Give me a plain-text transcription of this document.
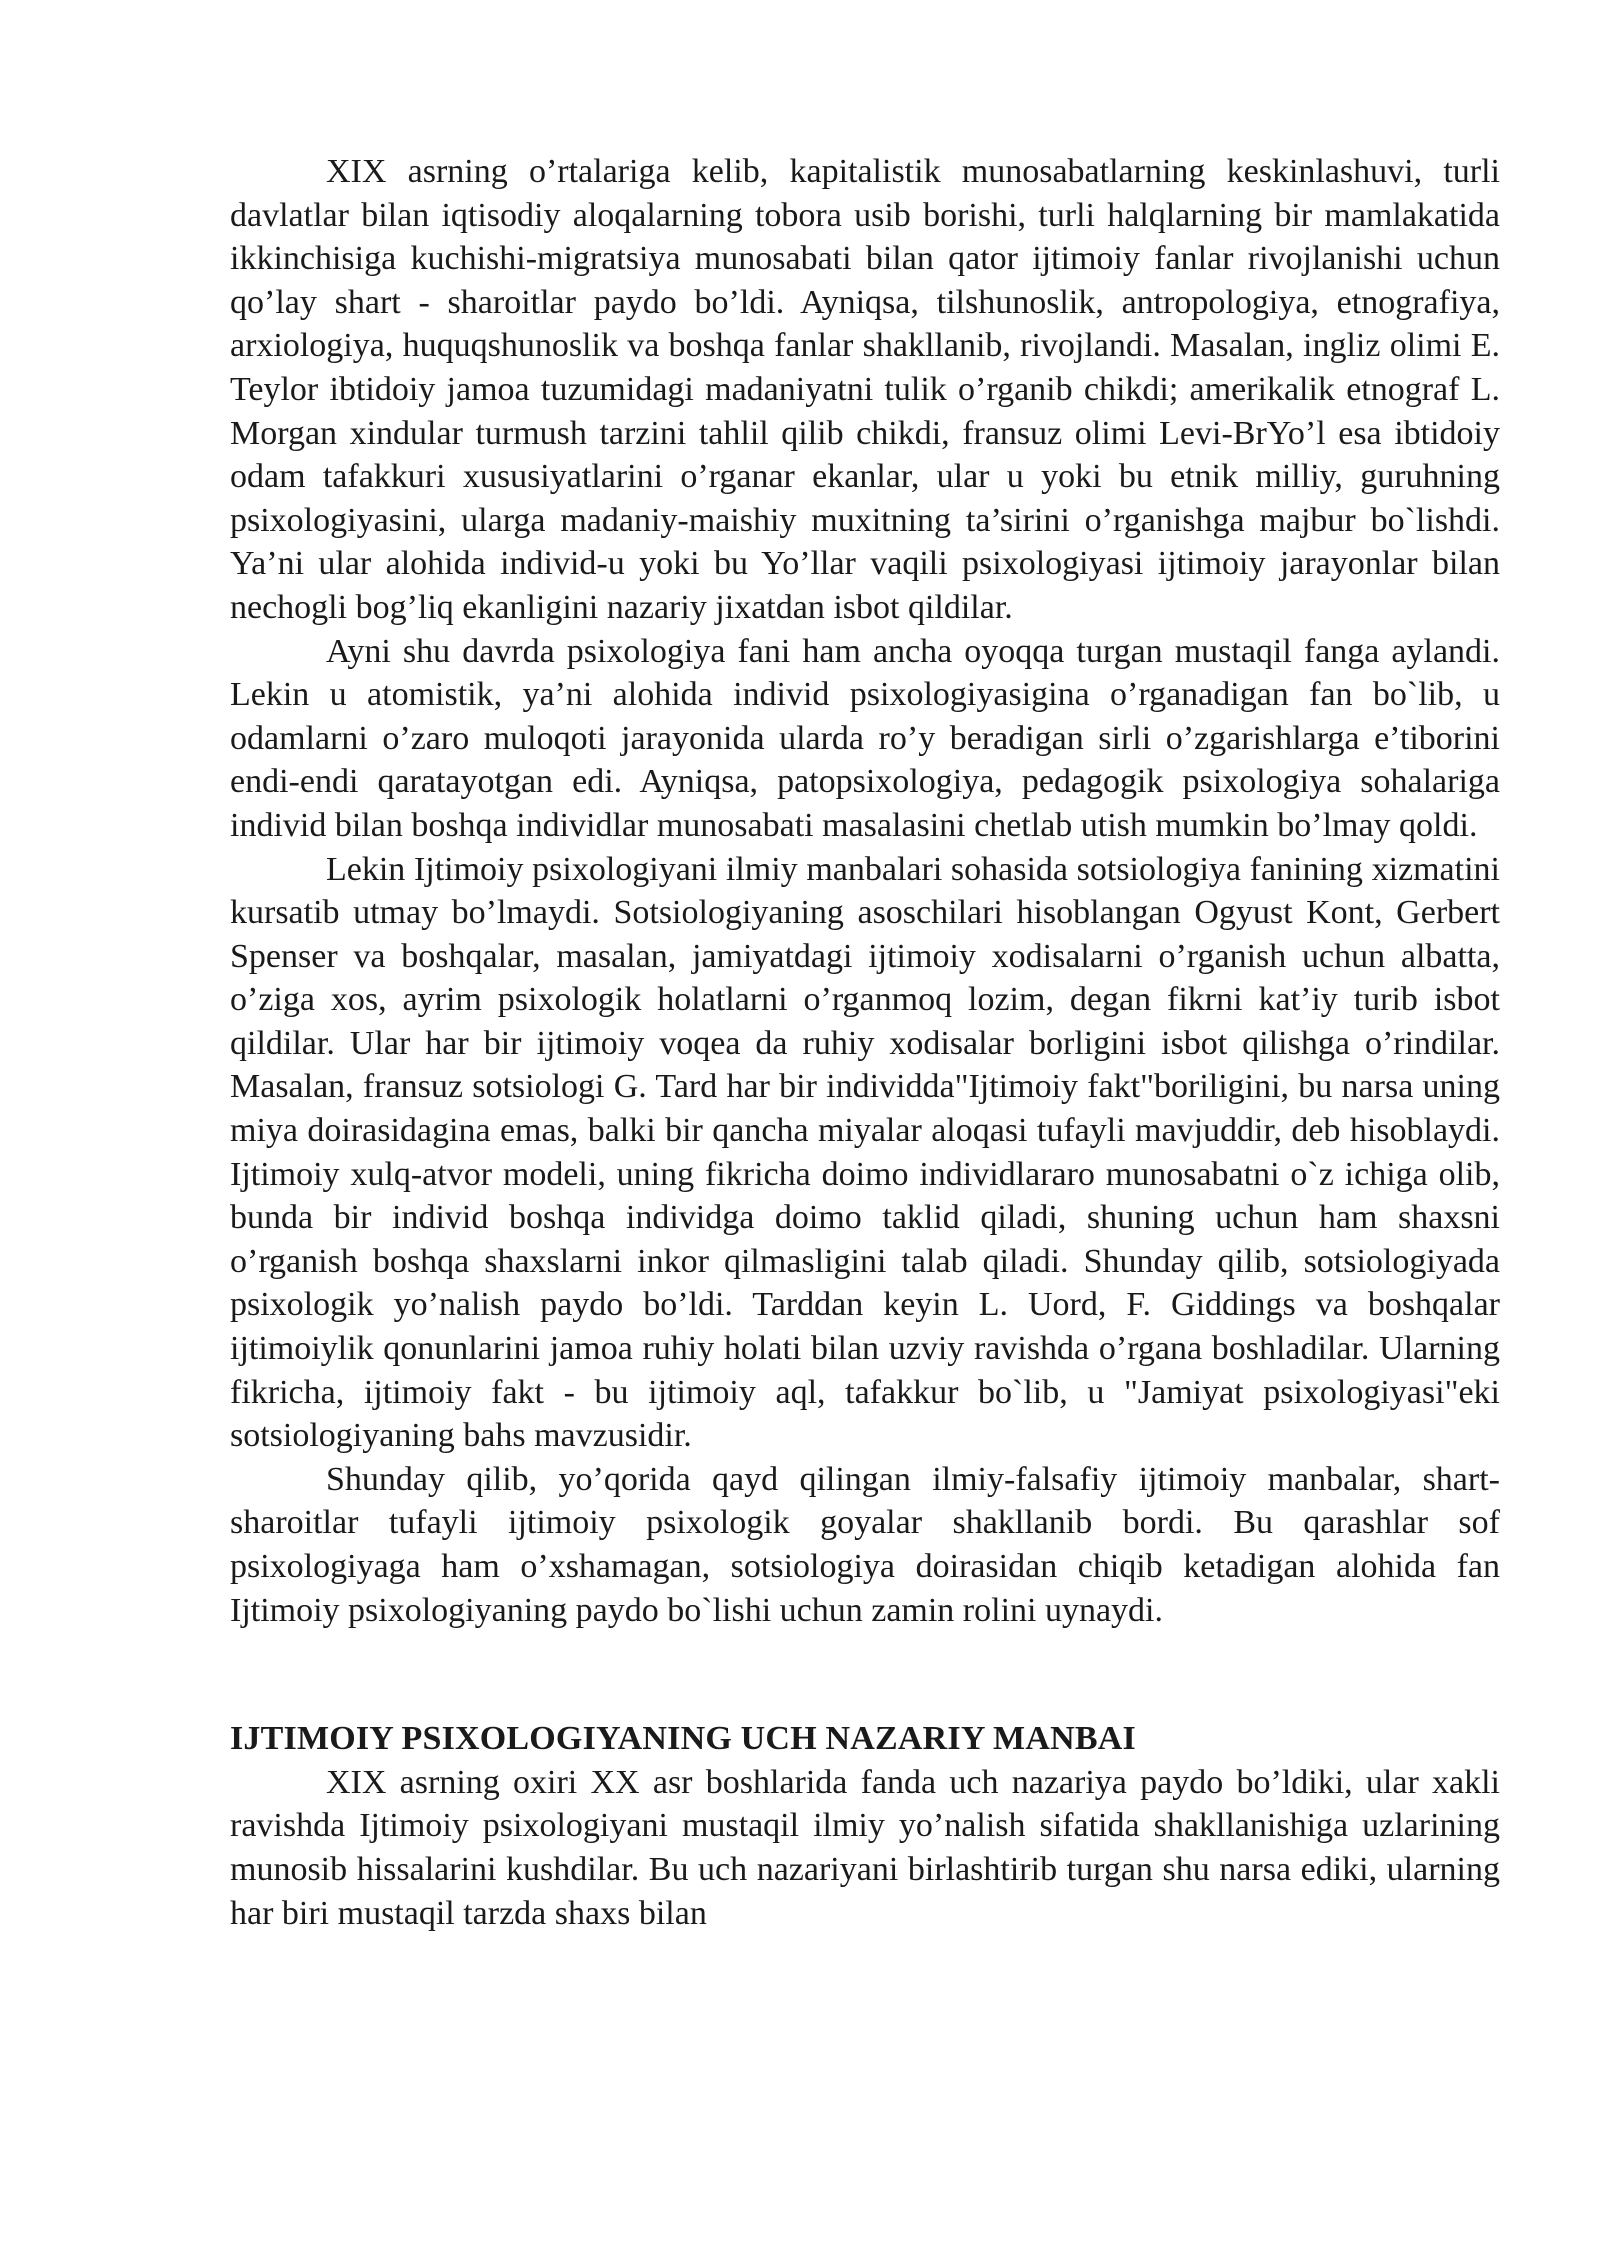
XIX asrning o’rtalariga kelib, kapitalistik munosabatlarning keskinlashuvi, turli davlatlar bilan iqtisodiy aloqalarning tobora usib borishi, turli halqlarning bir mamlakatida ikkinchisiga kuchishi-migratsiya munosabati bilan qator ijtimoiy fanlar rivojlanishi uchun qo’lay shart - sharoitlar paydo bo’ldi. Ayniqsa, tilshunoslik, antropologiya, etnografiya, arxiologiya, huquqshunoslik va boshqa fanlar shakllanib, rivojlandi. Masalan, ingliz olimi E. Teylor ibtidoiy jamoa tuzumidagi madaniyatni tulik o’rganib chikdi; amerikalik etnograf L. Morgan xindular turmush tarzini tahlil qilib chikdi, fransuz olimi Levi-BrYo’l esa ibtidoiy odam tafakkuri xususiyatlarini o’rganar ekanlar, ular u yoki bu etnik milliy, guruhning psixologiyasini, ularga madaniy-maishiy muxitning ta’sirini o’rganishga majbur bo`lishdi. Ya’ni ular alohida individ-u yoki bu Yo’llar vaqili psixologiyasi ijtimoiy jarayonlar bilan nechogli bog’liq ekanligini nazariy jixatdan isbot qildilar.

Ayni shu davrda psixologiya fani ham ancha oyoqqa turgan mustaqil fanga aylandi. Lekin u atomistik, ya’ni alohida individ psixologiyasigina o’rganadigan fan bo`lib, u odamlarni o’zaro muloqoti jarayonida ularda ro’y beradigan sirli o’zgarishlarga e’tiborini endi-endi qaratayotgan edi. Ayniqsa, patopsixologiya, pedagogik psixologiya sohalariga individ bilan boshqa individlar munosabati masalasini chetlab utish mumkin bo’lmay qoldi.

Lekin Ijtimoiy psixologiyani ilmiy manbalari sohasida sotsiologiya fanining xizmatini kursatib utmay bo’lmaydi. Sotsiologiyaning asoschilari hisoblangan Ogyust Kont, Gerbert Spenser va boshqalar, masalan, jamiyatdagi ijtimoiy xodisalarni o’rganish uchun albatta, o’ziga xos, ayrim psixologik holatlarni o’rganmoq lozim, degan fikrni kat’iy turib isbot qildilar. Ular har bir ijtimoiy voqea da ruhiy xodisalar borligini isbot qilishga o’rindilar. Masalan, fransuz sotsiologi G. Tard har bir individda"Ijtimoiy fakt"boriligini, bu narsa uning miya doirasidagina emas, balki bir qancha miyalar aloqasi tufayli mavjuddir, deb hisoblaydi. Ijtimoiy xulq-atvor modeli, uning fikricha doimo individlararo munosabatni o`z ichiga olib, bunda bir individ boshqa individga doimo taklid qiladi, shuning uchun ham shaxsni o’rganish boshqa shaxslarni inkor qilmasligini talab qiladi. Shunday qilib, sotsiologiyada psixologik yo’nalish paydo bo’ldi. Tarddan keyin L. Uord, F. Giddings va boshqalar ijtimoiylik qonunlarini jamoa ruhiy holati bilan uzviy ravishda o’rgana boshladilar. Ularning fikricha, ijtimoiy fakt - bu ijtimoiy aql, tafakkur bo`lib, u "Jamiyat psixologiyasi"eki sotsiologiyaning bahs mavzusidir.

Shunday qilib, yo’qorida qayd qilingan ilmiy-falsafiy ijtimoiy manbalar, shart-sharoitlar tufayli ijtimoiy psixologik goyalar shakllanib bordi. Bu qarashlar sof psixologiyaga ham o’xshamagan, sotsiologiya doirasidan chiqib ketadigan alohida fan Ijtimoiy psixologiyaning paydo bo`lishi uchun zamin rolini uynaydi.

IJTIMOIY PSIXOLOGIYANING UCH NAZARIY MANBAI

XIX asrning oxiri XX asr boshlarida fanda uch nazariya paydo bo’ldiki, ular xakli ravishda Ijtimoiy psixologiyani mustaqil ilmiy yo’nalish sifatida shakllanishiga uzlarining munosib hissalarini kushdilar. Bu uch nazariyani birlashtirib turgan shu narsa ediki, ularning har biri mustaqil tarzda shaxs bilan
